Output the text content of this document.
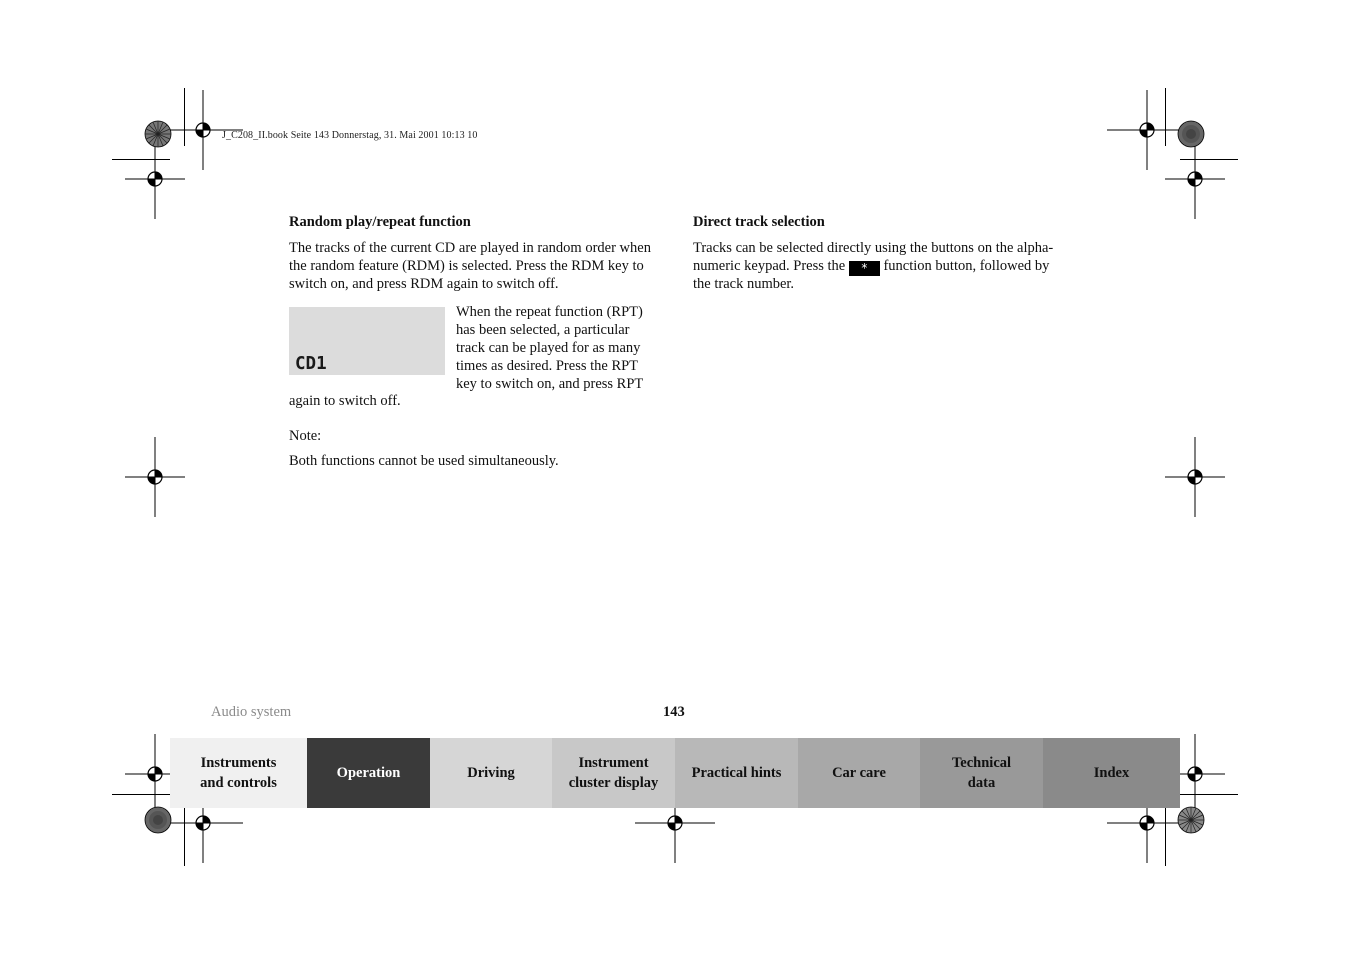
J_C208_II.book Seite 143 Donnerstag, 31. Mai 2001 10:13 10
Random play/repeat function

The tracks of the current CD are played in random order when the random feature (RDM) is selected. Press the RDM key to switch on, and press RDM again to switch off.

CD1

When the repeat function (RPT) has been selected, a particular track can be played for as many times as desired. Press the RPT key to switch on, and press RPT again to switch off.

Note:

Both functions cannot be used simultaneously.

Direct track selection

Tracks can be selected directly using the buttons on the alpha-numeric keypad. Press the * function button, followed by the track number.

Audio system	143
Instruments
and controls
Operation	Driving
Instrument
cluster display
Practical hints	Car care
Technical
data
Index
